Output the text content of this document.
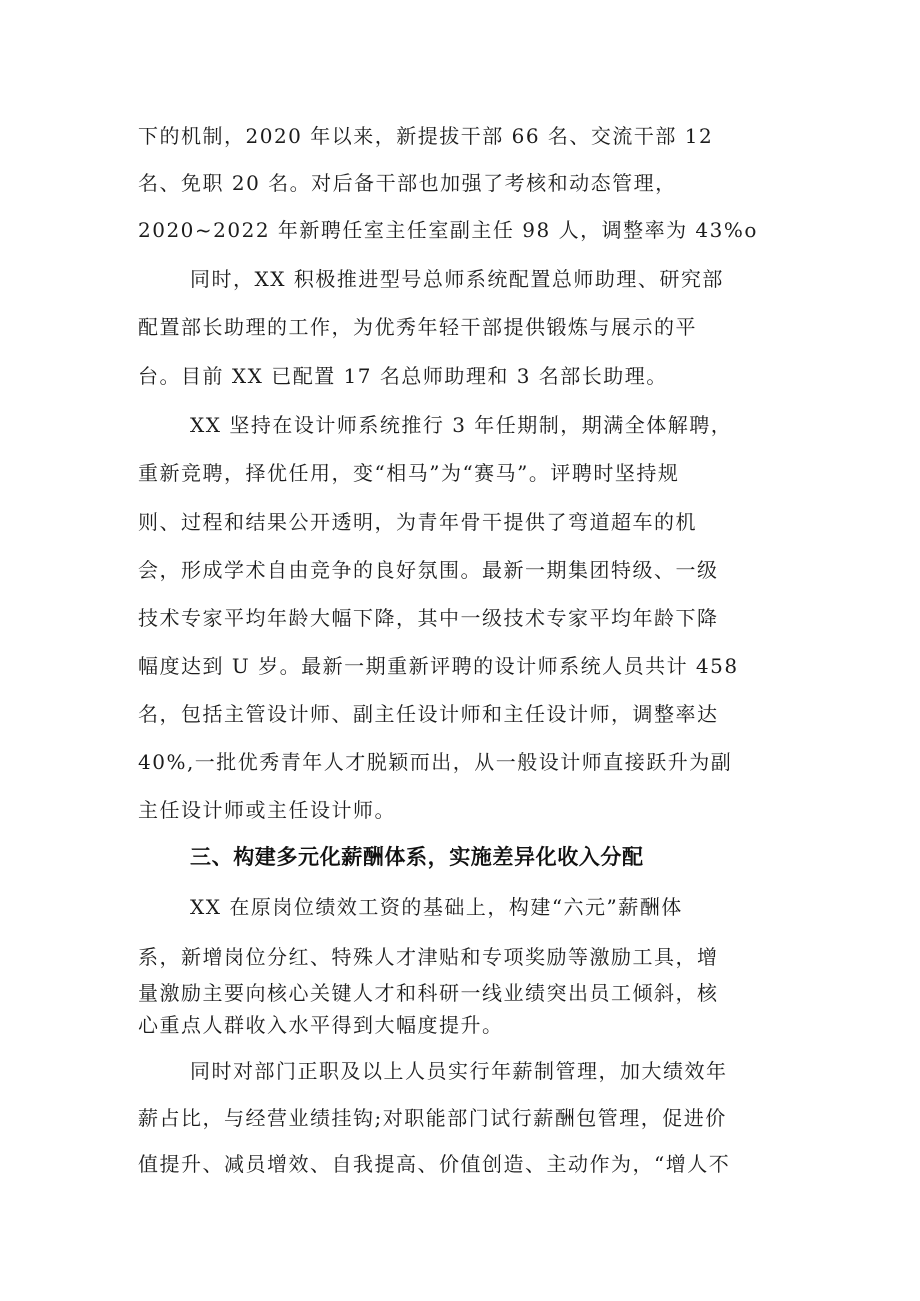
下的机制，2020 年以来，新提拔干部 66 名、交流干部 12

名、免职 20 名。对后备干部也加强了考核和动态管理，

2020~2022 年新聘任室主任室副主任 98 人，调整率为 43%o

同时，XX 积极推进型号总师系统配置总师助理、研究部

配置部长助理的工作，为优秀年轻干部提供锻炼与展示的平

台。目前 XX 已配置 17 名总师助理和 3 名部长助理。

XX 坚持在设计师系统推行 3 年任期制，期满全体解聘，

重新竞聘，择优任用，变“相马”为“赛马”。评聘时坚持规

则、过程和结果公开透明，为青年骨干提供了弯道超车的机

会，形成学术自由竞争的良好氛围。最新一期集团特级、一级

技术专家平均年龄大幅下降，其中一级技术专家平均年龄下降

幅度达到 U 岁。最新一期重新评聘的设计师系统人员共计 458

名，包括主管设计师、副主任设计师和主任设计师，调整率达

40%,一批优秀青年人才脱颖而出，从一般设计师直接跃升为副

主任设计师或主任设计师。

三、构建多元化薪酬体系，实施差异化收入分配

XX 在原岗位绩效工资的基础上，构建“六元”薪酬体

系，新增岗位分红、特殊人才津贴和专项奖励等激励工具，增

量激励主要向核心关键人才和科研一线业绩突出员工倾斜，核

心重点人群收入水平得到大幅度提升。

同时对部门正职及以上人员实行年薪制管理，加大绩效年

薪占比，与经营业绩挂钩;对职能部门试行薪酬包管理，促进价

值提升、减员增效、自我提高、价值创造、主动作为，“增人不
